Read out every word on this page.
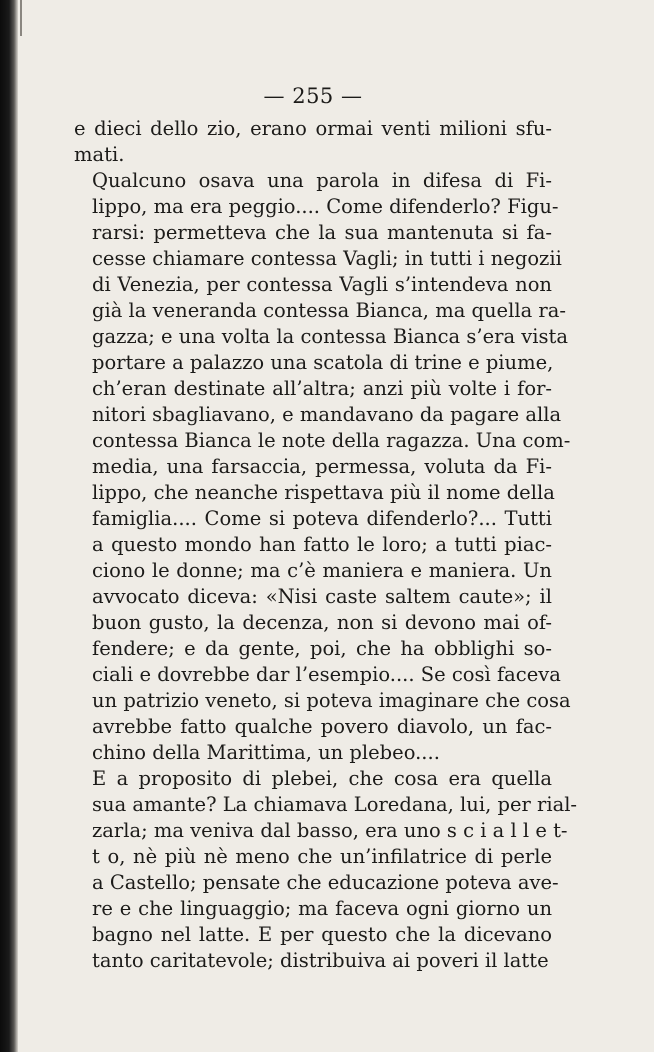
— 255 —

e dieci dello zio, erano ormai venti milioni sfu-
mati.

Qualcuno osava una parola in difesa di Fi-
lippo, ma era peggio.... Come difenderlo? Figu-
rarsi: permetteva che la sua mantenuta si fa-
cesse chiamare contessa Vagli; in tutti i negozii
di Venezia, per contessa Vagli s’intendeva non
già la veneranda contessa Bianca, ma quella ra-
gazza; e una volta la contessa Bianca s’era vista
portare a palazzo una scatola di trine e piume,
ch’eran destinate all’altra; anzi più volte i for-
nitori sbagliavano, e mandavano da pagare alla
contessa Bianca le note della ragazza. Una com-
media, una farsaccia, permessa, voluta da Fi-
lippo, che neanche rispettava più il nome della
famiglia.... Come si poteva difenderlo?... Tutti
a questo mondo han fatto le loro; a tutti piac-
ciono le donne; ma c’è maniera e maniera. Un
avvocato diceva: «Nisi caste saltem caute»; il
buon gusto, la decenza, non si devono mai of-
fendere; e da gente, poi, che ha obblighi so-
ciali e dovrebbe dar l’esempio.... Se così faceva
un patrizio veneto, si poteva imaginare che cosa
avrebbe fatto qualche povero diavolo, un fac-
chino della Marittima, un plebeo....

E a proposito di plebei, che cosa era quella
sua amante? La chiamava Loredana, lui, per rial-
zarla; ma veniva dal basso, era uno s c i a l l e t-
t o, nè più nè meno che un’infilatrice di perle
a Castello; pensate che educazione poteva ave-
re e che linguaggio; ma faceva ogni giorno un
bagno nel latte. E per questo che la dicevano
tanto caritatevole; distribuiva ai poveri il latte
